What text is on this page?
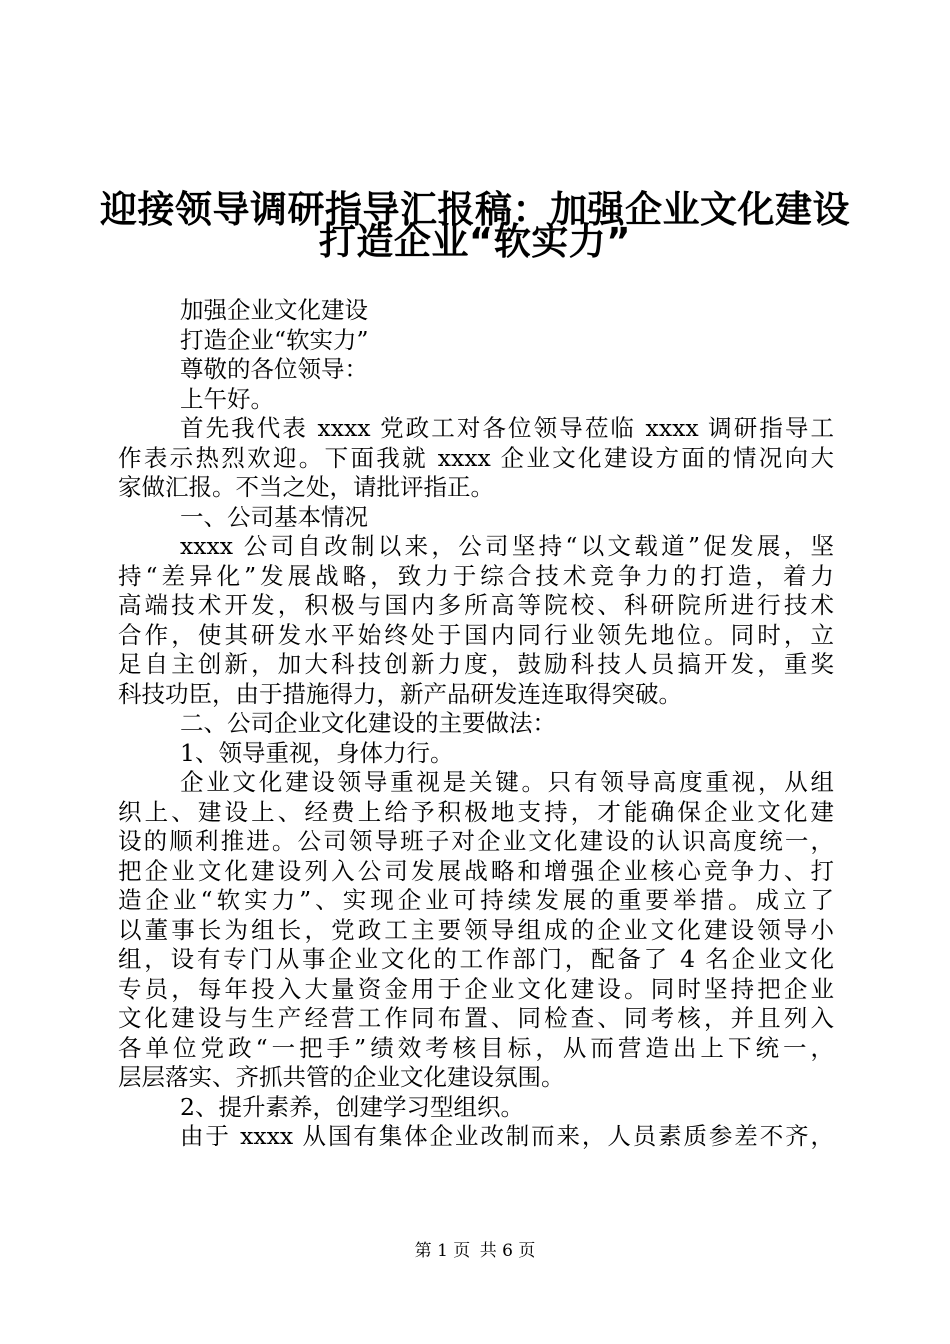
迎接领导调研指导汇报稿：加强企业文化建设
打造企业“软实力”
加强企业文化建设
打造企业“软实力”
尊敬的各位领导：
上午好。
首先我代表 xxxx 党政工对各位领导莅临 xxxx 调研指导工
作表示热烈欢迎。下面我就 xxxx 企业文化建设方面的情况向大
家做汇报。不当之处，请批评指正。
一、公司基本情况
xxxx 公司自改制以来，公司坚持“以文载道”促发展，坚
持“差异化”发展战略，致力于综合技术竞争力的打造，着力
高端技术开发，积极与国内多所高等院校、科研院所进行技术
合作，使其研发水平始终处于国内同行业领先地位。同时，立
足自主创新，加大科技创新力度，鼓励科技人员搞开发，重奖
科技功臣，由于措施得力，新产品研发连连取得突破。
二、公司企业文化建设的主要做法：
1、领导重视，身体力行。
企业文化建设领导重视是关键。只有领导高度重视，从组
织上、建设上、经费上给予积极地支持，才能确保企业文化建
设的顺利推进。公司领导班子对企业文化建设的认识高度统一，
把企业文化建设列入公司发展战略和增强企业核心竞争力、打
造企业“软实力”、实现企业可持续发展的重要举措。成立了
以董事长为组长，党政工主要领导组成的企业文化建设领导小
组，设有专门从事企业文化的工作部门，配备了 4 名企业文化
专员，每年投入大量资金用于企业文化建设。同时坚持把企业
文化建设与生产经营工作同布置、同检查、同考核，并且列入
各单位党政“一把手”绩效考核目标，从而营造出上下统一，
层层落实、齐抓共管的企业文化建设氛围。
2、提升素养，创建学习型组织。
由于 xxxx 从国有集体企业改制而来，人员素质参差不齐，
第 1 页 共 6 页
